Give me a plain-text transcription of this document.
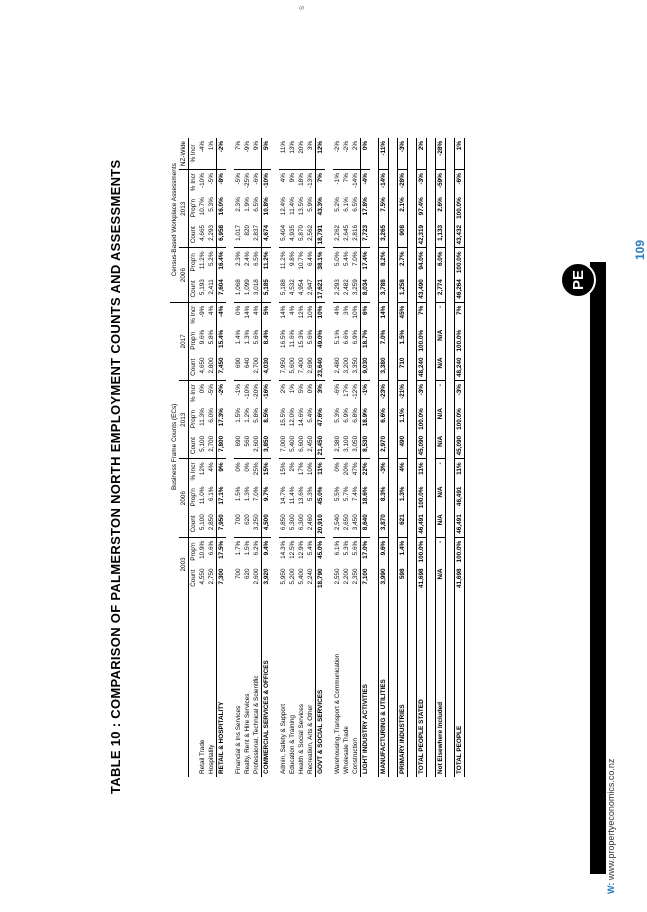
PE
109
W: www.propertyeconomics.co.nz
TABLE 10 : COMPARISON OF PALMERSTON NORTH EMPLOYMENT COUNTS AND ASSESSMENTS
S
	Business Frame Counts (ECs)											Census-Based Workplace Assessments					
	2003		2006			2013			2017			2006		2013			NZ-Wide
	Count	Prop'n	Count	Prop'n	% Incr	Count	Prop'n	% Incr	Count	Prop'n	% Incr	Count	Prop'n	Count	Prop'n	% Incr	% Incr
Retail Trade	4,550	10.9%	5,100	11.0%	12%	5,100	11.3%	0%	4,650	9.6%	-9%	5,193	11.2%	4,665	10.7%	-10%	-4%
Hospitality	2,750	6.6%	2,850	6.1%	4%	2,700	6.0%	-5%	2,800	5.8%	4%	2,411	5.2%	2,293	5.3%	-5%	1%
RETAIL & HOSPITALITY	7,300	17.5%	7,950	17.1%	9%	7,800	17.3%	-2%	7,450	15.4%	-4%	7,604	16.4%	6,958	16.0%	-8%	-2%

Financial & Ins Services	700	1.7%	700	1.5%	0%	690	1.5%	-1%	690	1.4%	0%	1,068	2.3%	1,017	2.3%	-5%	7%
Realty, Rent & Hire Services	620	1.5%	620	1.3%	0%	560	1.2%	-10%	640	1.3%	14%	1,099	2.4%	820	1.9%	-25%	-9%
Professional, Technical & Scientific	2,600	6.2%	3,250	7.0%	25%	2,600	5.8%	-20%	2,700	5.6%	4%	3,018	6.5%	2,837	6.5%	-6%	9%
COMMERCIAL SERVICES & OFFICES	3,920	9.4%	4,500	9.7%	15%	3,850	8.5%	-16%	4,030	8.4%	5%	5,185	11.2%	4,674	10.8%	-10%	5%

Admin, Safety & Support	5,950	14.3%	6,850	14.7%	15%	7,000	15.5%	2%	7,950	16.5%	14%	5,188	11.2%	5,404	12.4%	4%	11%
Education & Training	5,200	12.5%	5,300	11.4%	2%	5,400	12.0%	1%	5,600	11.6%	4%	4,532	9.8%	4,935	11.4%	9%	13%
Health & Social Services	5,400	12.9%	6,300	13.6%	17%	6,600	14.6%	5%	7,400	15.3%	12%	4,954	10.7%	5,870	13.5%	18%	20%
Recreation, Arts & Other	2,240	5.4%	2,460	5.3%	10%	2,450	5.4%	0%	2,690	5.6%	10%	2,947	6.4%	2,562	5.9%	-13%	3%
GOVT & SOCIAL SERVICES	18,790	45.0%	20,910	45.0%	11%	21,450	47.6%	3%	23,640	49.0%	10%	17,621	38.1%	18,791	43.3%	7%	12%

Warehousing, Transport & Communication	2,550	6.1%	2,540	5.5%	0%	2,380	5.3%	-6%	2,480	5.1%	4%	2,293	5.0%	2,262	5.2%	-1%	-2%
Wholesale Trade	2,200	5.3%	2,650	5.7%	20%	3,100	6.9%	17%	3,200	6.6%	3%	2,482	5.4%	2,645	6.1%	7%	-2%
Construction	2,350	5.6%	3,450	7.4%	47%	3,050	6.8%	-12%	3,350	6.9%	10%	3,259	7.0%	2,816	6.5%	-14%	2%
LIGHT INDUSTRY ACTIVITIES	7,100	17.0%	8,640	18.6%	22%	8,530	18.9%	-1%	9,030	18.7%	6%	8,034	17.4%	7,723	17.8%	-4%	0%

MANUFACTURING & UTILITIES	3,990	9.6%	3,870	8.3%	-3%	2,970	6.6%	-23%	3,380	7.0%	14%	3,788	8.2%	3,265	7.5%	-14%	-11%

PRIMARY INDUSTRIES	598	1.4%	621	1.3%	4%	490	1.1%	-21%	710	1.5%	45%	1,258	2.7%	908	2.1%	-28%	-3%

TOTAL PEOPLE STATED	41,698	100.0%	46,491	100.0%	11%	45,090	100.0%	-3%	48,240	100.0%	7%	43,490	94.0%	42,319	97.4%	-3%	2%

Not Elsewhere Included	N/A	-	N/A	N/A	-	N/A	N/A	-	N/A	N/A	-	2,774	6.0%	1,133	2.6%	-59%	-28%

TOTAL PEOPLE	41,698	100.0%	46,491	46,491	11%	45,090	100.0%	-3%	48,240	100.0%	7%	46,264	100.0%	43,432	100.0%	-6%	1%
